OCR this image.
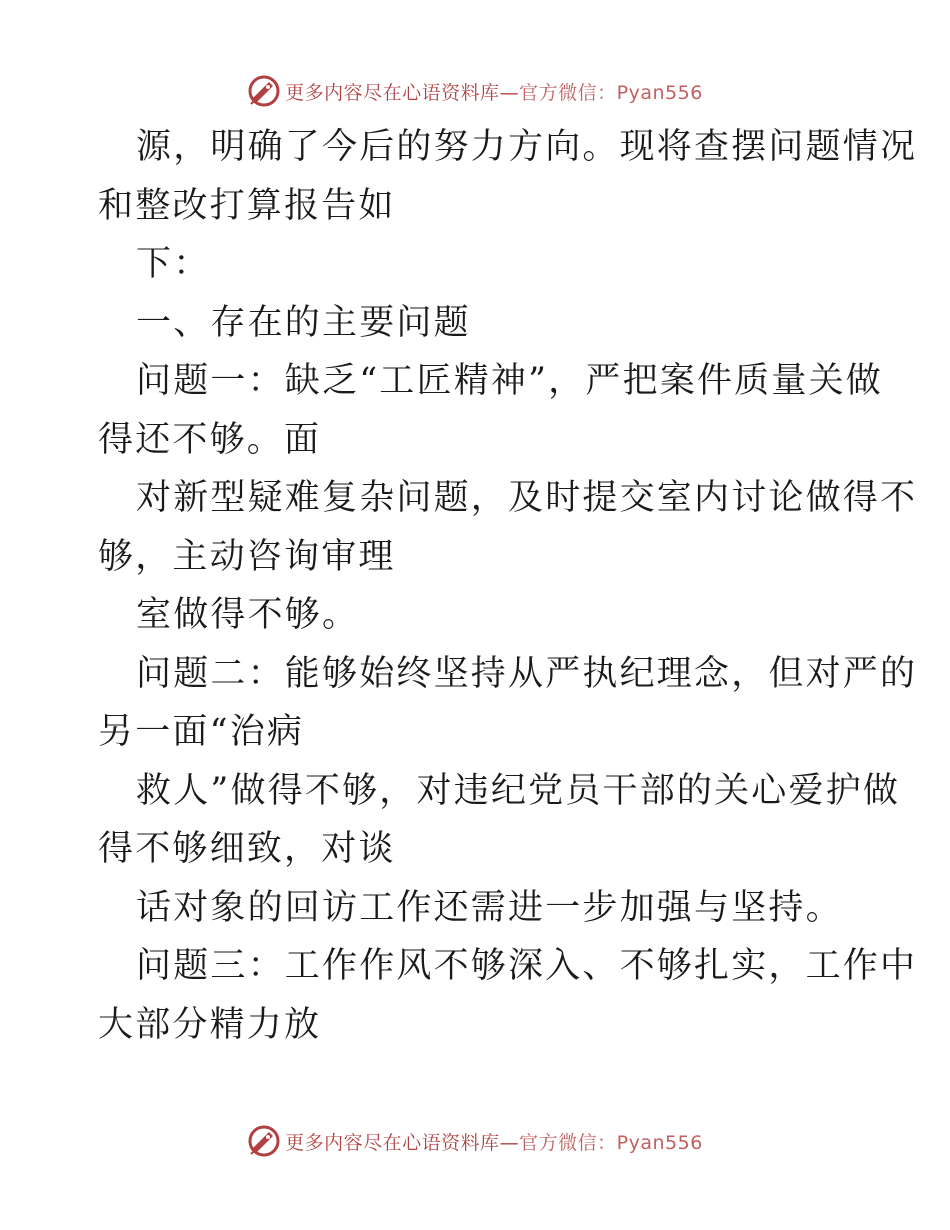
更多内容尽在心语资料库—官方微信：Pyan556
源，明确了今后的努力方向。现将查摆问题情况
和整改打算报告如
下：
一、存在的主要问题
问题一：缺乏“工匠精神”，严把案件质量关做
得还不够。面
对新型疑难复杂问题，及时提交室内讨论做得不
够，主动咨询审理
室做得不够。
问题二：能够始终坚持从严执纪理念，但对严的
另一面“治病
救人”做得不够，对违纪党员干部的关心爱护做
得不够细致，对谈
话对象的回访工作还需进一步加强与坚持。
问题三：工作作风不够深入、不够扎实，工作中
大部分精力放
更多内容尽在心语资料库—官方微信：Pyan556
